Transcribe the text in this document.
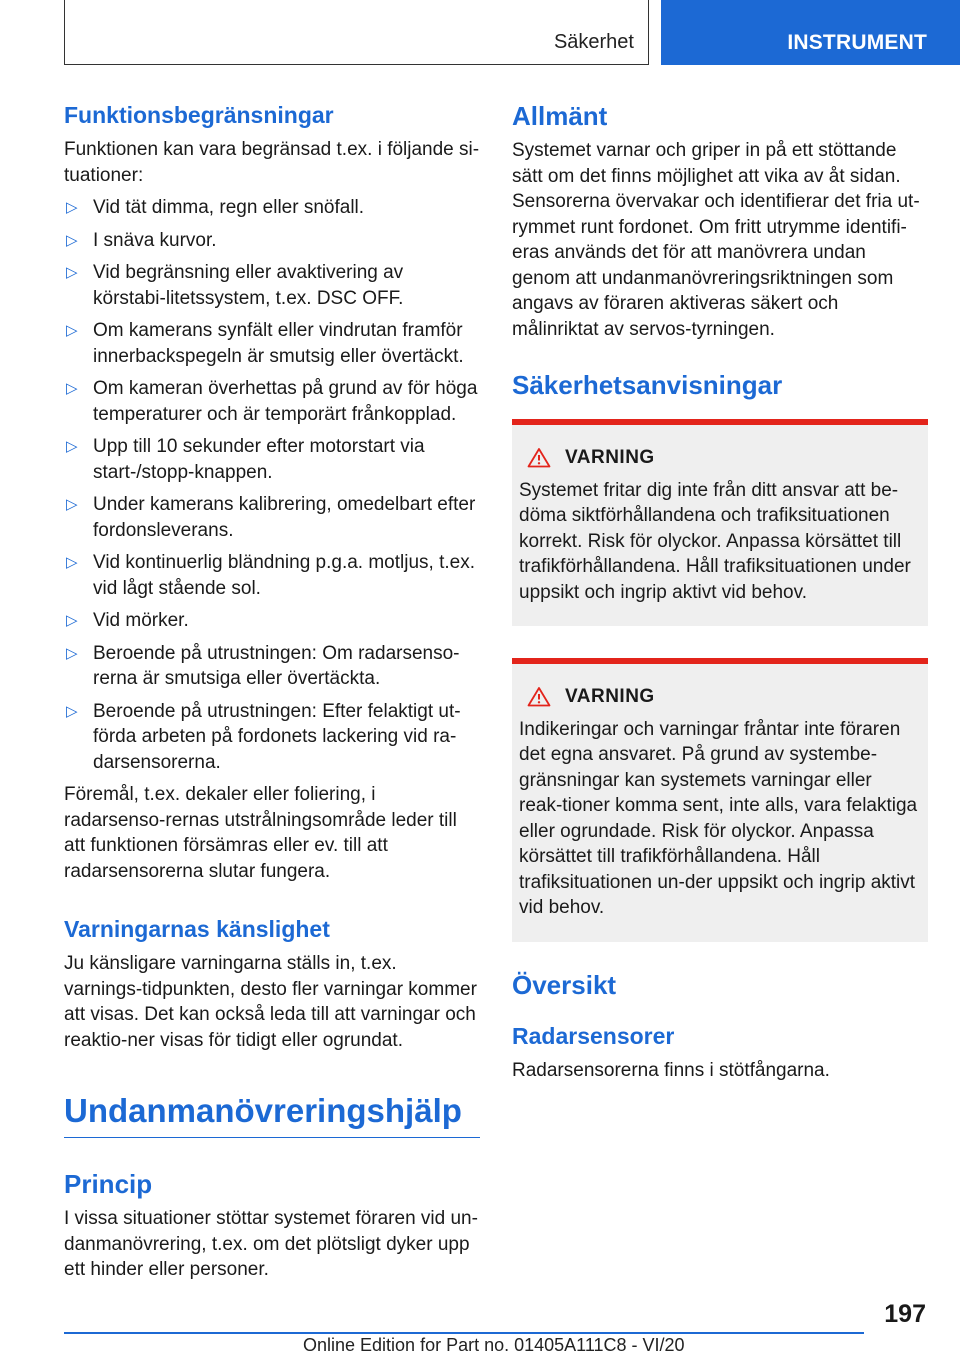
Säkerhet	INSTRUMENT
Funktionsbegränsningar

Funktionen kan vara begränsad t.ex. i följande si-tuationer:

▷ Vid tät dimma, regn eller snöfall.
▷ I snäva kurvor.
▷ Vid begränsning eller avaktivering av körstabi-litetssystem, t.ex. DSC OFF.
▷ Om kamerans synfält eller vindrutan framför innerbackspegeln är smutsig eller övertäckt.
▷ Om kameran överhettas på grund av för höga temperaturer och är temporärt frånkopplad.
▷ Upp till 10 sekunder efter motorstart via start-/stopp-knappen.
▷ Under kamerans kalibrering, omedelbart efter fordonsleverans.
▷ Vid kontinuerlig bländning p.g.a. motljus, t.ex. vid lågt stående sol.
▷ Vid mörker.
▷ Beroende på utrustningen: Om radarsenso-rerna är smutsiga eller övertäckta.
▷ Beroende på utrustningen: Efter felaktigt ut-förda arbeten på fordonets lackering vid ra-darsensorerna.

Föremål, t.ex. dekaler eller foliering, i radarsenso-rernas utstrålningsområde leder till att funktionen försämras eller ev. till att radarsensorerna slutar fungera.

Varningarnas känslighet

Ju känsligare varningarna ställs in, t.ex. varnings-tidpunkten, desto fler varningar kommer att visas. Det kan också leda till att varningar och reaktio-ner visas för tidigt eller ogrundat.

Undanmanövreringshjälp
Princip

I vissa situationer stöttar systemet föraren vid un-danmanövrering, t.ex. om det plötsligt dyker upp ett hinder eller personer.

Allmänt

Systemet varnar och griper in på ett stöttande sätt om det finns möjlighet att vika av åt sidan. Sensorerna övervakar och identifierar det fria ut-rymmet runt fordonet. Om fritt utrymme identifi-eras används det för att manövrera undan genom att undanmanövreringsriktningen som angavs av föraren aktiveras säkert och målinriktat av servos-tyrningen.

Säkerhetsanvisningar
VARNING

Systemet fritar dig inte från ditt ansvar att be-döma siktförhållandena och trafiksituationen korrekt. Risk för olyckor. Anpassa körsättet till trafikförhållandena. Håll trafiksituationen under uppsikt och ingrip aktivt vid behov.

VARNING

Indikeringar och varningar fråntar inte föraren det egna ansvaret. På grund av systembe-gränsningar kan systemets varningar eller reak-tioner komma sent, inte alls, vara felaktiga eller ogrundade. Risk för olyckor. Anpassa körsättet till trafikförhållandena. Håll trafiksituationen un-der uppsikt och ingrip aktivt vid behov.

Översikt
Radarsensorer

Radarsensorerna finns i stötfångarna.

197
Online Edition for Part no. 01405A111C8 - VI/20
